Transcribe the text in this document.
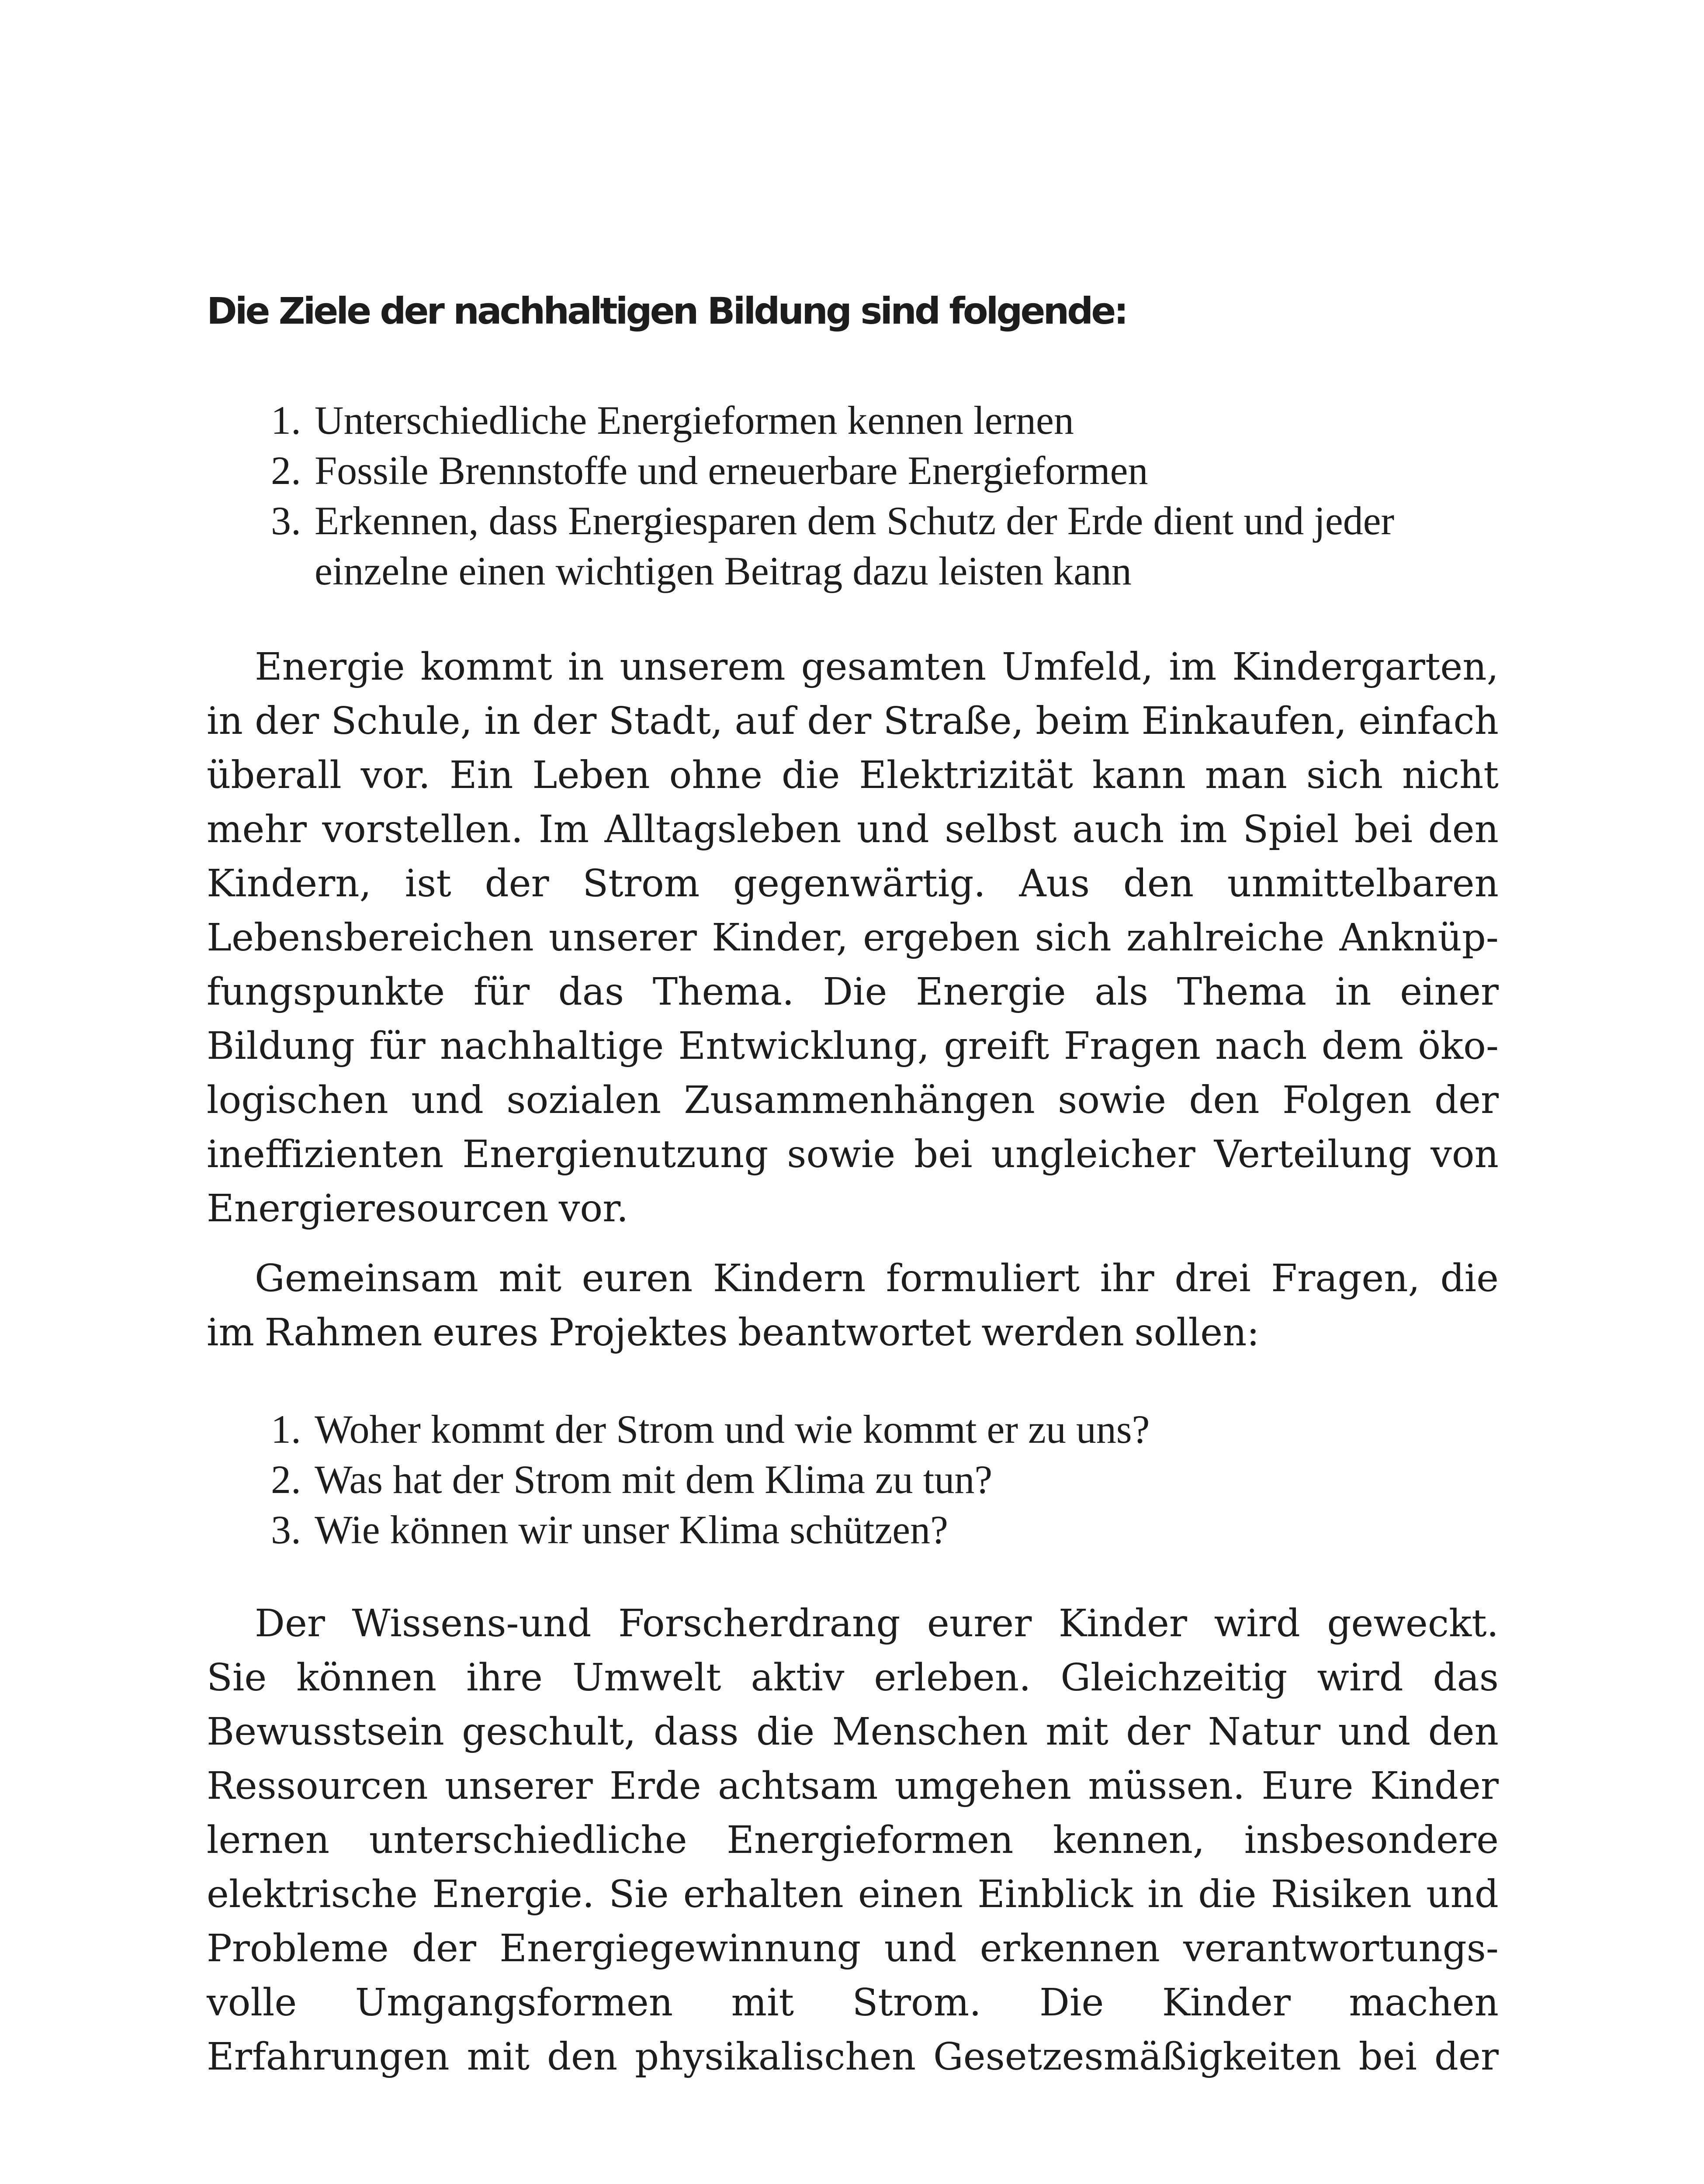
Die Ziele der nachhaltigen Bildung sind folgende:
1. Unterschiedliche Energieformen kennen lernen
2. Fossile Brennstoffe und erneuerbare Energieformen
3. Erkennen, dass Energiesparen dem Schutz der Erde dient und jeder
einzelne einen wichtigen Beitrag dazu leisten kann
Energie kommt in unserem gesamten Umfeld, im Kindergarten,
in der Schule, in der Stadt, auf der Straße, beim Einkaufen, einfach
überall vor. Ein Leben ohne die Elektrizität kann man sich nicht
mehr vorstellen. Im Alltagsleben und selbst auch im Spiel bei den
Kindern, ist der Strom gegenwärtig. Aus den unmittelbaren
Lebensbereichen unserer Kinder, ergeben sich zahlreiche Anknüp-
fungspunkte für das Thema. Die Energie als Thema in einer
Bildung für nachhaltige Entwicklung, greift Fragen nach dem öko-
logischen und sozialen Zusammenhängen sowie den Folgen der
ineffizienten Energienutzung sowie bei ungleicher Verteilung von
Energieresourcen vor.
Gemeinsam mit euren Kindern formuliert ihr drei Fragen, die
im Rahmen eures Projektes beantwortet werden sollen:
1. Woher kommt der Strom und wie kommt er zu uns?
2. Was hat der Strom mit dem Klima zu tun?
3. Wie können wir unser Klima schützen?
Der Wissens-und Forscherdrang eurer Kinder wird geweckt.
Sie können ihre Umwelt aktiv erleben. Gleichzeitig wird das
Bewusstsein geschult, dass die Menschen mit der Natur und den
Ressourcen unserer Erde achtsam umgehen müssen. Eure Kinder
lernen unterschiedliche Energieformen kennen, insbesondere
elektrische Energie. Sie erhalten einen Einblick in die Risiken und
Probleme der Energiegewinnung und erkennen verantwortungs-
volle Umgangsformen mit Strom. Die Kinder machen
Erfahrungen mit den physikalischen Gesetzesmäßigkeiten bei der
